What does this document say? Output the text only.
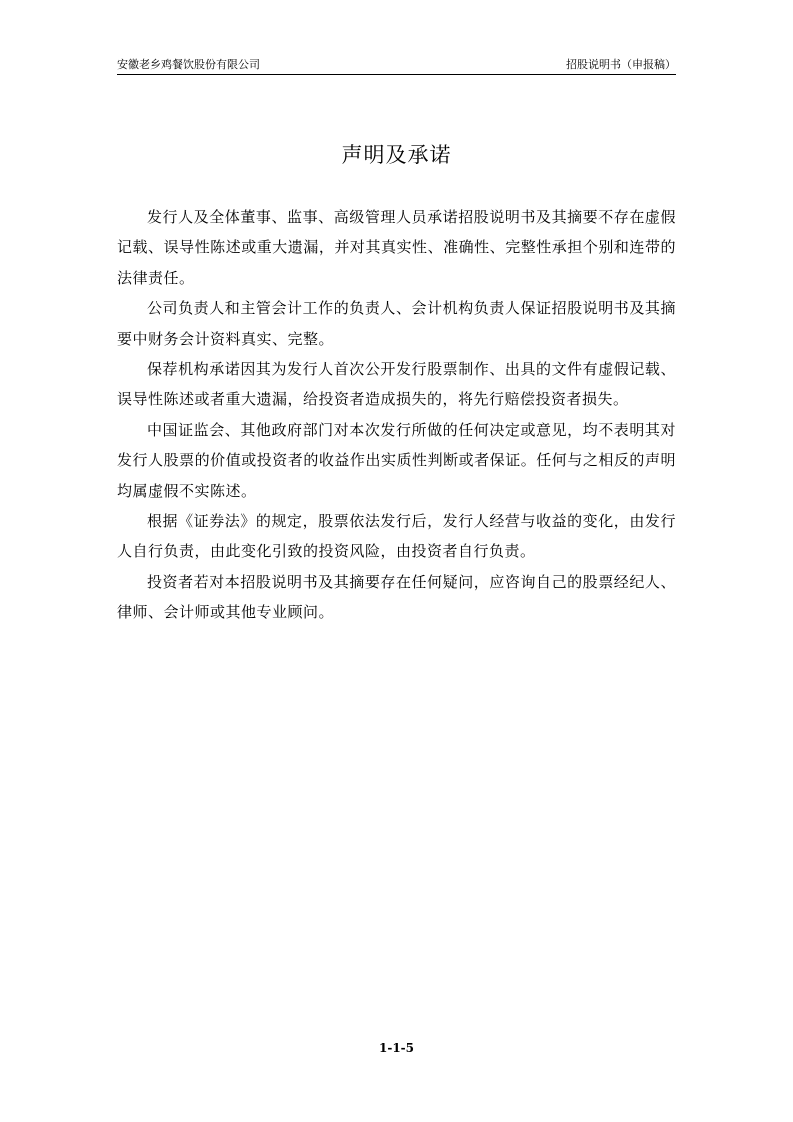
安徽老乡鸡餐饮股份有限公司	招股说明书（申报稿）
声明及承诺

发行人及全体董事、监事、高级管理人员承诺招股说明书及其摘要不存在虚假记载、误导性陈述或重大遗漏，并对其真实性、准确性、完整性承担个别和连带的法律责任。

公司负责人和主管会计工作的负责人、会计机构负责人保证招股说明书及其摘要中财务会计资料真实、完整。

保荐机构承诺因其为发行人首次公开发行股票制作、出具的文件有虚假记载、误导性陈述或者重大遗漏，给投资者造成损失的，将先行赔偿投资者损失。

中国证监会、其他政府部门对本次发行所做的任何决定或意见，均不表明其对发行人股票的价值或投资者的收益作出实质性判断或者保证。任何与之相反的声明均属虚假不实陈述。

根据《证券法》的规定，股票依法发行后，发行人经营与收益的变化，由发行人自行负责，由此变化引致的投资风险，由投资者自行负责。

投资者若对本招股说明书及其摘要存在任何疑问，应咨询自己的股票经纪人、律师、会计师或其他专业顾问。

1-1-5
